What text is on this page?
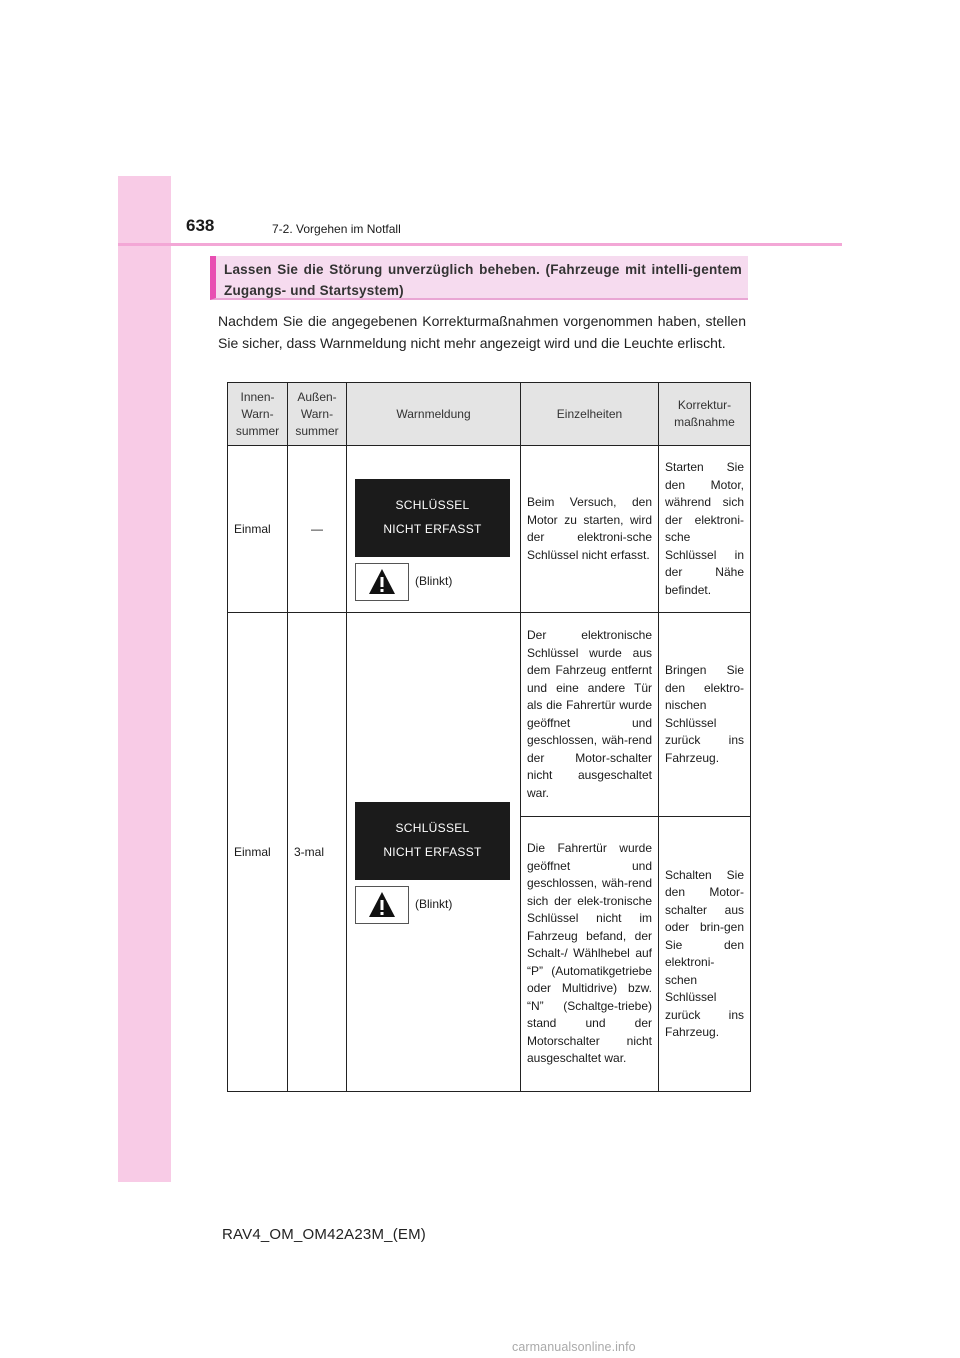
638	7-2. Vorgehen im Notfall
Lassen Sie die Störung unverzüglich beheben. (Fahrzeuge mit intelli-gentem Zugangs- und Startsystem)
Nachdem Sie die angegebenen Korrekturmaßnahmen vorgenommen haben, stellen Sie sicher, dass Warnmeldung nicht mehr angezeigt wird und die Leuchte erlischt.
Innen-Warn-summer	Außen-Warn-summer	Warnmeldung	Einzelheiten	Korrektur-maßnahme
Einmal	—	SCHLÜSSEL
NICHT ERFASST
(Blinkt)	Beim Versuch, den Motor zu starten, wird der elektroni-sche Schlüssel nicht erfasst.	Starten Sie den Motor, während sich der elektroni-sche Schlüssel in der Nähe befindet.
Einmal	3-mal	SCHLÜSSEL
NICHT ERFASST
(Blinkt)	Der elektronische Schlüssel wurde aus dem Fahrzeug entfernt und eine andere Tür als die Fahrertür wurde geöffnet und geschlossen, wäh-rend der Motor-schalter nicht ausgeschaltet war.	Bringen Sie den elektro-nischen Schlüssel zurück ins Fahrzeug.
			Die Fahrertür wurde geöffnet und geschlossen, wäh-rend sich der elek-tronische Schlüssel nicht im Fahrzeug befand, der Schalt-/ Wählhebel auf “P” (Automatikgetriebe oder Multidrive) bzw. “N” (Schaltge-triebe) stand und der Motorschalter nicht ausgeschaltet war.	Schalten Sie den Motor-schalter aus oder brin-gen Sie den elektroni-schen Schlüssel zurück ins Fahrzeug.
RAV4_OM_OM42A23M_(EM)
carmanualsonline.info
